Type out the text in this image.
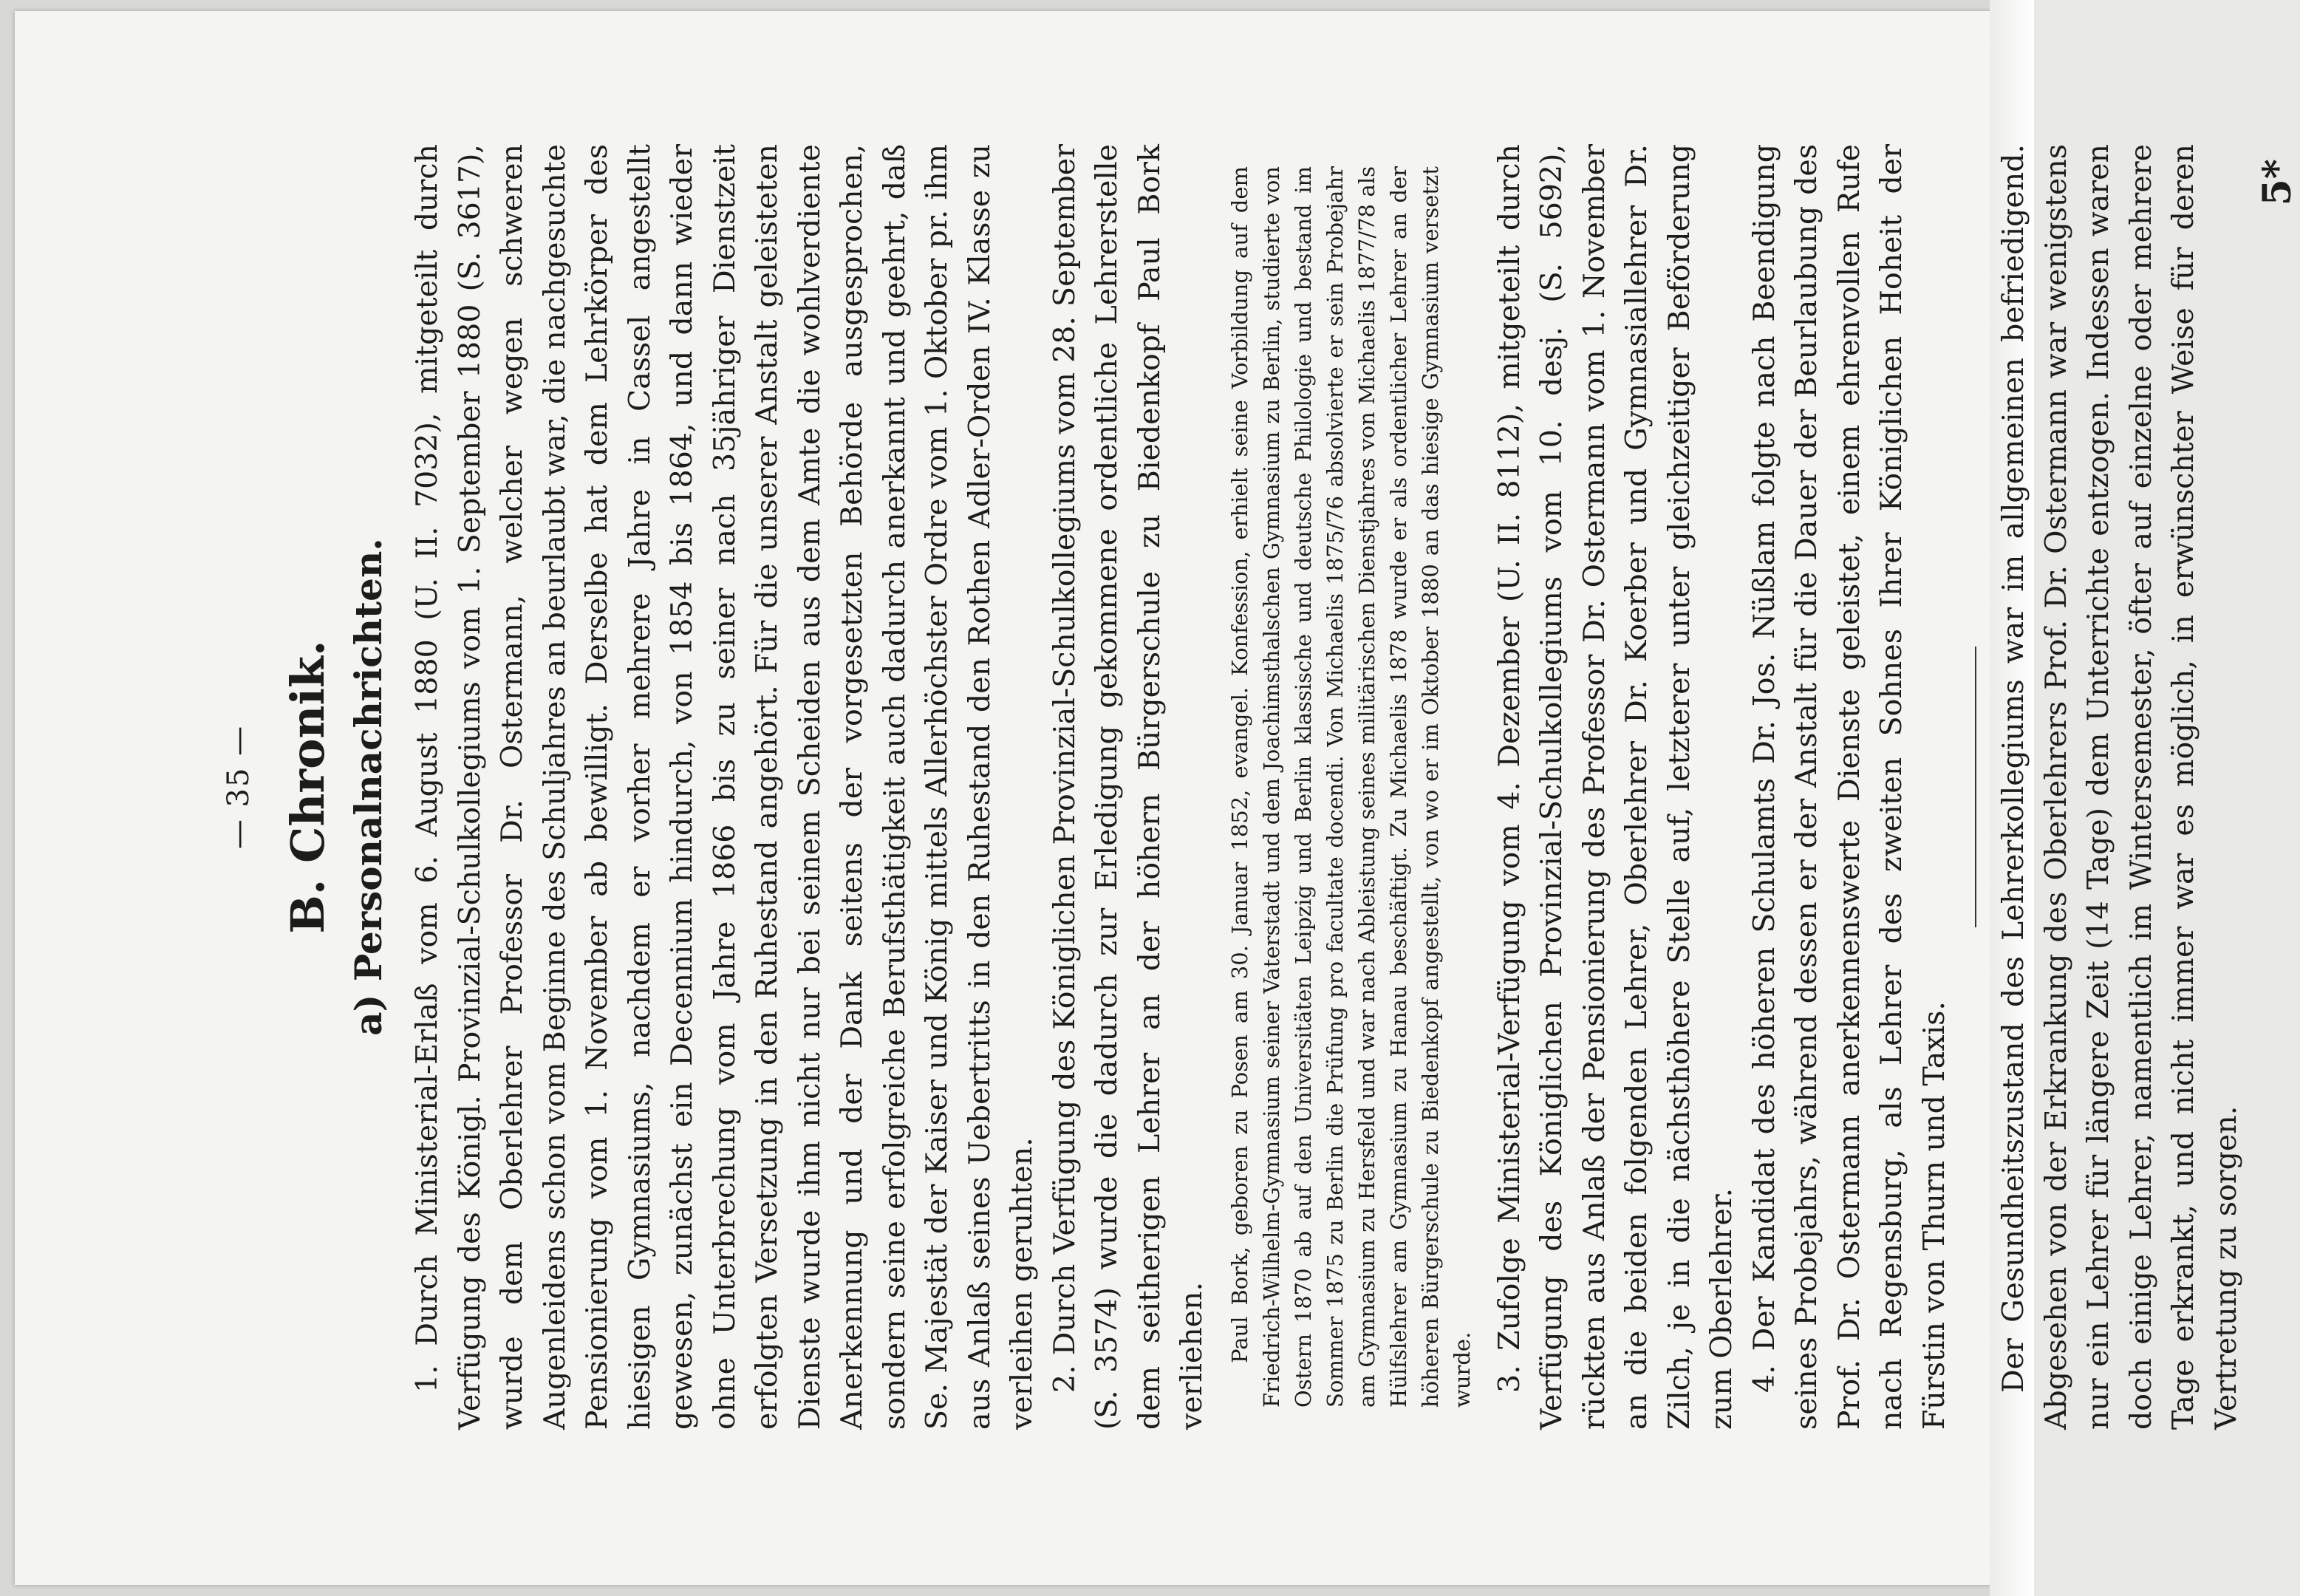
— 35 — B. Chronik. a) Personalnachrichten. 1. Durch Ministerial-Erlaß vom 6. August 1880 (U. II. 7032), mitgeteilt durch Verfügung des Königl. Provinzial-Schulkollegiums vom 1. September 1880 (S. 3617), wurde dem Oberlehrer Professor Dr. Ostermann, welcher wegen schweren Augenleidens schon vom Beginne des Schuljahres an beurlaubt war, die nachgesuchte Pensionierung vom 1. November ab bewilligt. Derselbe hat dem Lehrkörper des hiesigen Gymnasiums, nachdem er vorher mehrere Jahre in Cassel angestellt gewesen, zunächst ein Decennium hindurch, von 1854 bis 1864, und dann wieder ohne Unterbrechung vom Jahre 1866 bis zu seiner nach 35jähriger Dienstzeit erfolgten Versetzung in den Ruhestand angehört. Für die unserer Anstalt geleisteten Dienste wurde ihm nicht nur bei seinem Scheiden aus dem Amte die wohlverdiente Anerkennung und der Dank seitens der vorgesetzten Behörde ausgesprochen, sondern seine erfolgreiche Berufsthätigkeit auch dadurch anerkannt und geehrt, daß Se. Majestät der Kaiser und König mittels Allerhöchster Ordre vom 1. Oktober pr. ihm aus Anlaß seines Uebertritts in den Ruhestand den Rothen Adler-Orden IV. Klasse zu verleihen geruhten. 2. Durch Verfügung des Königlichen Provinzial-Schulkollegiums vom 28. September (S. 3574) wurde die dadurch zur Erledigung gekommene ordentliche Lehrerstelle dem seitherigen Lehrer an der höhern Bürgerschule zu Biedenkopf Paul Bork verliehen. Paul Bork, geboren zu Posen am 30. Januar 1852, evangel. Konfession, erhielt seine Vorbildung auf dem Friedrich-Wilhelm-Gymnasium seiner Vaterstadt und dem Joachimsthalschen Gymnasium zu Berlin, studierte von Ostern 1870 ab auf den Universitäten Leipzig und Berlin klassische und deutsche Philologie und bestand im Sommer 1875 zu Berlin die Prüfung pro facultate docendi. Von Michaelis 1875/76 absolvierte er sein Probejahr am Gymnasium zu Hersfeld und war nach Ableistung seines militärischen Dienstjahres von Michaelis 1877/78 als Hülfslehrer am Gymnasium zu Hanau beschäftigt. Zu Michaelis 1878 wurde er als ordentlicher Lehrer an der höheren Bürgerschule zu Biedenkopf angestellt, von wo er im Oktober 1880 an das hiesige Gymnasium versetzt wurde. 3. Zufolge Ministerial-Verfügung vom 4. Dezember (U. II. 8112), mitgeteilt durch Verfügung des Königlichen Provinzial-Schulkollegiums vom 10. desj. (S. 5692), rückten aus Anlaß der Pensionierung des Professor Dr. Ostermann vom 1. November an die beiden folgenden Lehrer, Oberlehrer Dr. Koerber und Gymnasiallehrer Dr. Zilch, je in die nächsthöhere Stelle auf, letzterer unter gleichzeitiger Beförderung zum Oberlehrer. 4. Der Kandidat des höheren Schulamts Dr. Jos. Nüßlam folgte nach Beendigung seines Probejahrs, während dessen er der Anstalt für die Dauer der Beurlaubung des Prof. Dr. Ostermann anerkennenswerte Dienste geleistet, einem ehrenvollen Rufe nach Regensburg, als Lehrer des zweiten Sohnes Ihrer Königlichen Hoheit der Fürstin von Thurn und Taxis. Der Gesundheitszustand des Lehrerkollegiums war im allgemeinen befriedigend. Abgesehen von der Erkrankung des Oberlehrers Prof. Dr. Ostermann war wenigstens nur ein Lehrer für längere Zeit (14 Tage) dem Unterrichte entzogen. Indessen waren doch einige Lehrer, namentlich im Wintersemester, öfter auf einzelne oder mehrere Tage erkrankt, und nicht immer war es möglich, in erwünschter Weise für deren Vertretung zu sorgen.

5*
